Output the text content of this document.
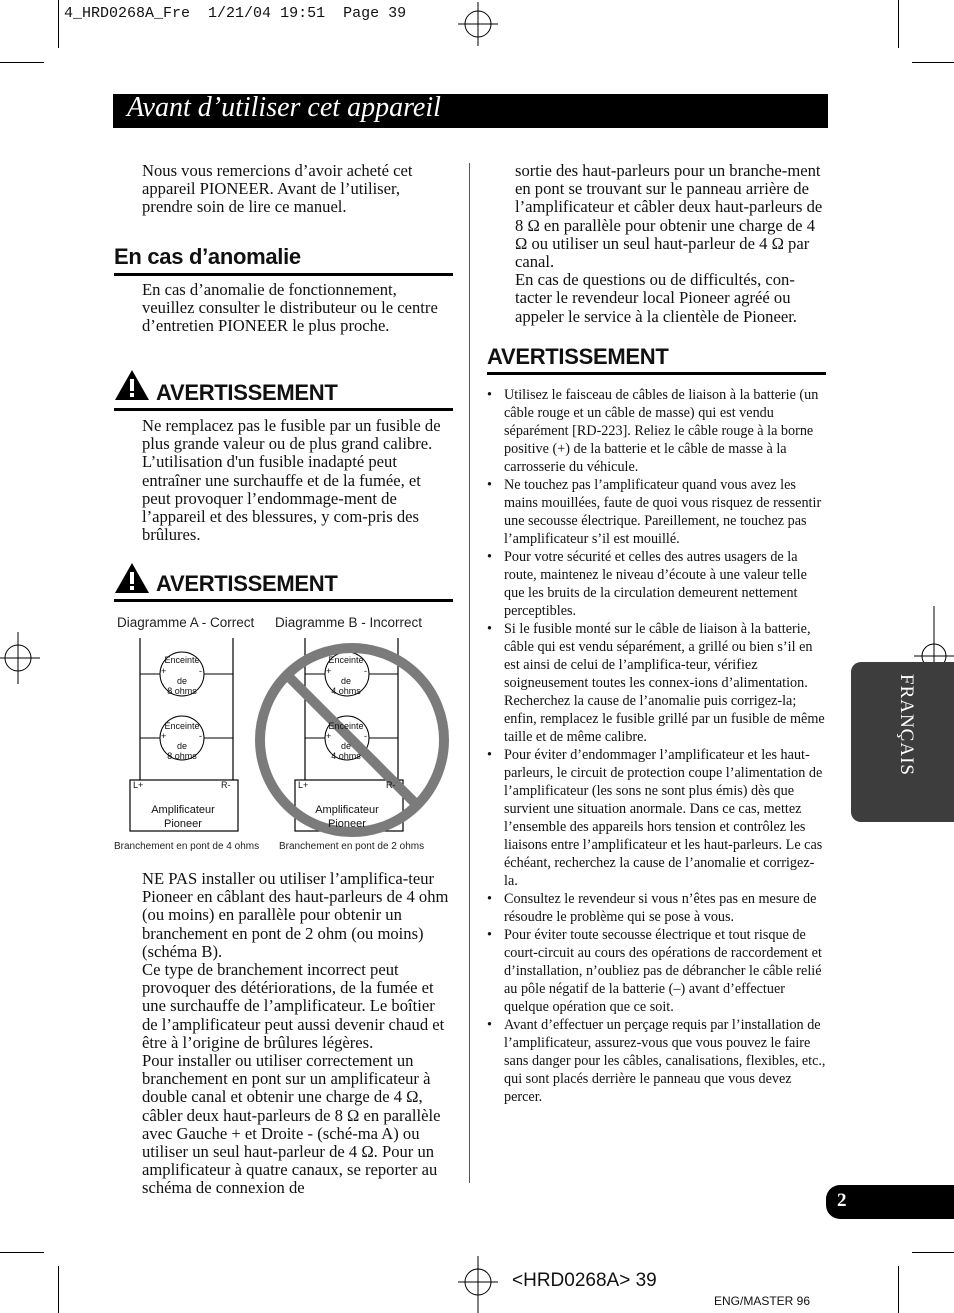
4_HRD0268A_Fre 1/21/04 19:51 Page 39
Avant d’utiliser cet appareil
Nous vous remercions d’avoir acheté cet appareil PIONEER. Avant de l’utiliser, prendre soin de lire ce manuel.
En cas d’anomalie
En cas d’anomalie de fonctionnement, veuillez consulter le distributeur ou le centre d’entretien PIONEER le plus proche.
AVERTISSEMENT
Ne remplacez pas le fusible par un fusible de plus grande valeur ou de plus grand calibre. L’utilisation d'un fusible inadapté peut entraîner une surchauffe et de la fumée, et peut provoquer l’endommage-ment de l’appareil et des blessures, y com-pris des brûlures.
AVERTISSEMENT
Diagramme A - Correct Diagramme B - Incorrect
Enceinte
de
8 ohms
+	-
Enceinte
de
8 ohms
+	-
L+	R-
Amplificateur
Pioneer
Enceinte
de
4 ohms
+	-
Enceinte
de
4 ohms
+	-
L+	R-
Amplificateur
Pioneer
Branchement en pont de 4 ohms Branchement en pont de 2 ohms
NE PAS installer ou utiliser l’amplifica-teur Pioneer en câblant des haut-parleurs de 4 ohm (ou moins) en parallèle pour obtenir un branchement en pont de 2 ohm (ou moins) (schéma B).
Ce type de branchement incorrect peut provoquer des détériorations, de la fumée et une surchauffe de l’amplificateur. Le boîtier de l’amplificateur peut aussi devenir chaud et être à l’origine de brûlures légères.
Pour installer ou utiliser correctement un branchement en pont sur un amplificateur à double canal et obtenir une charge de 4 Ω, câbler deux haut-parleurs de 8 Ω en parallèle avec Gauche + et Droite - (sché-ma A) ou utiliser un seul haut-parleur de 4 Ω. Pour un amplificateur à quatre canaux, se reporter au schéma de connexion de
sortie des haut-parleurs pour un branche-ment en pont se trouvant sur le panneau arrière de l’amplificateur et câbler deux haut-parleurs de 8 Ω en parallèle pour obtenir une charge de 4 Ω ou utiliser un seul haut-parleur de 4 Ω par canal.
En cas de questions ou de difficultés, con-tacter le revendeur local Pioneer agréé ou appeler le service à la clientèle de Pioneer.
AVERTISSEMENT
• Utilisez le faisceau de câbles de liaison à la batterie (un câble rouge et un câble de masse) qui est vendu séparément [RD-223]. Reliez le câble rouge à la borne positive (+) de la batterie et le câble de masse à la carrosserie du véhicule.
• Ne touchez pas l’amplificateur quand vous avez les mains mouillées, faute de quoi vous risquez de ressentir une secousse électrique. Pareillement, ne touchez pas l’amplificateur s’il est mouillé.
• Pour votre sécurité et celles des autres usagers de la route, maintenez le niveau d’écoute à une valeur telle que les bruits de la circulation demeurent nettement perceptibles.
• Si le fusible monté sur le câble de liaison à la batterie, câble qui est vendu séparément, a grillé ou bien s’il en est ainsi de celui de l’amplifica-teur, vérifiez soigneusement toutes les connex-ions d’alimentation. Recherchez la cause de l’anomalie puis corrigez-la; enfin, remplacez le fusible grillé par un fusible de même taille et de même calibre.
• Pour éviter d’endommager l’amplificateur et les haut-parleurs, le circuit de protection coupe l’alimentation de l’amplificateur (les sons ne sont plus émis) dès que survient une situation anormale. Dans ce cas, mettez l’ensemble des appareils hors tension et contrôlez les liaisons entre l’amplificateur et les haut-parleurs. Le cas échéant, recherchez la cause de l’anomalie et corrigez-la.
• Consultez le revendeur si vous n’êtes pas en mesure de résoudre le problème qui se pose à vous.
• Pour éviter toute secousse électrique et tout risque de court-circuit au cours des opérations de raccordement et d’installation, n’oubliez pas de débrancher le câble relié au pôle négatif de la batterie (–) avant d’effectuer quelque opération que ce soit.
• Avant d’effectuer un perçage requis par l’installation de l’amplificateur, assurez-vous que vous pouvez le faire sans danger pour les câbles, canalisations, flexibles, etc., qui sont placés derrière le panneau que vous devez percer.
FRANÇAIS
2
<HRD0268A> 39
ENG/MASTER 96
